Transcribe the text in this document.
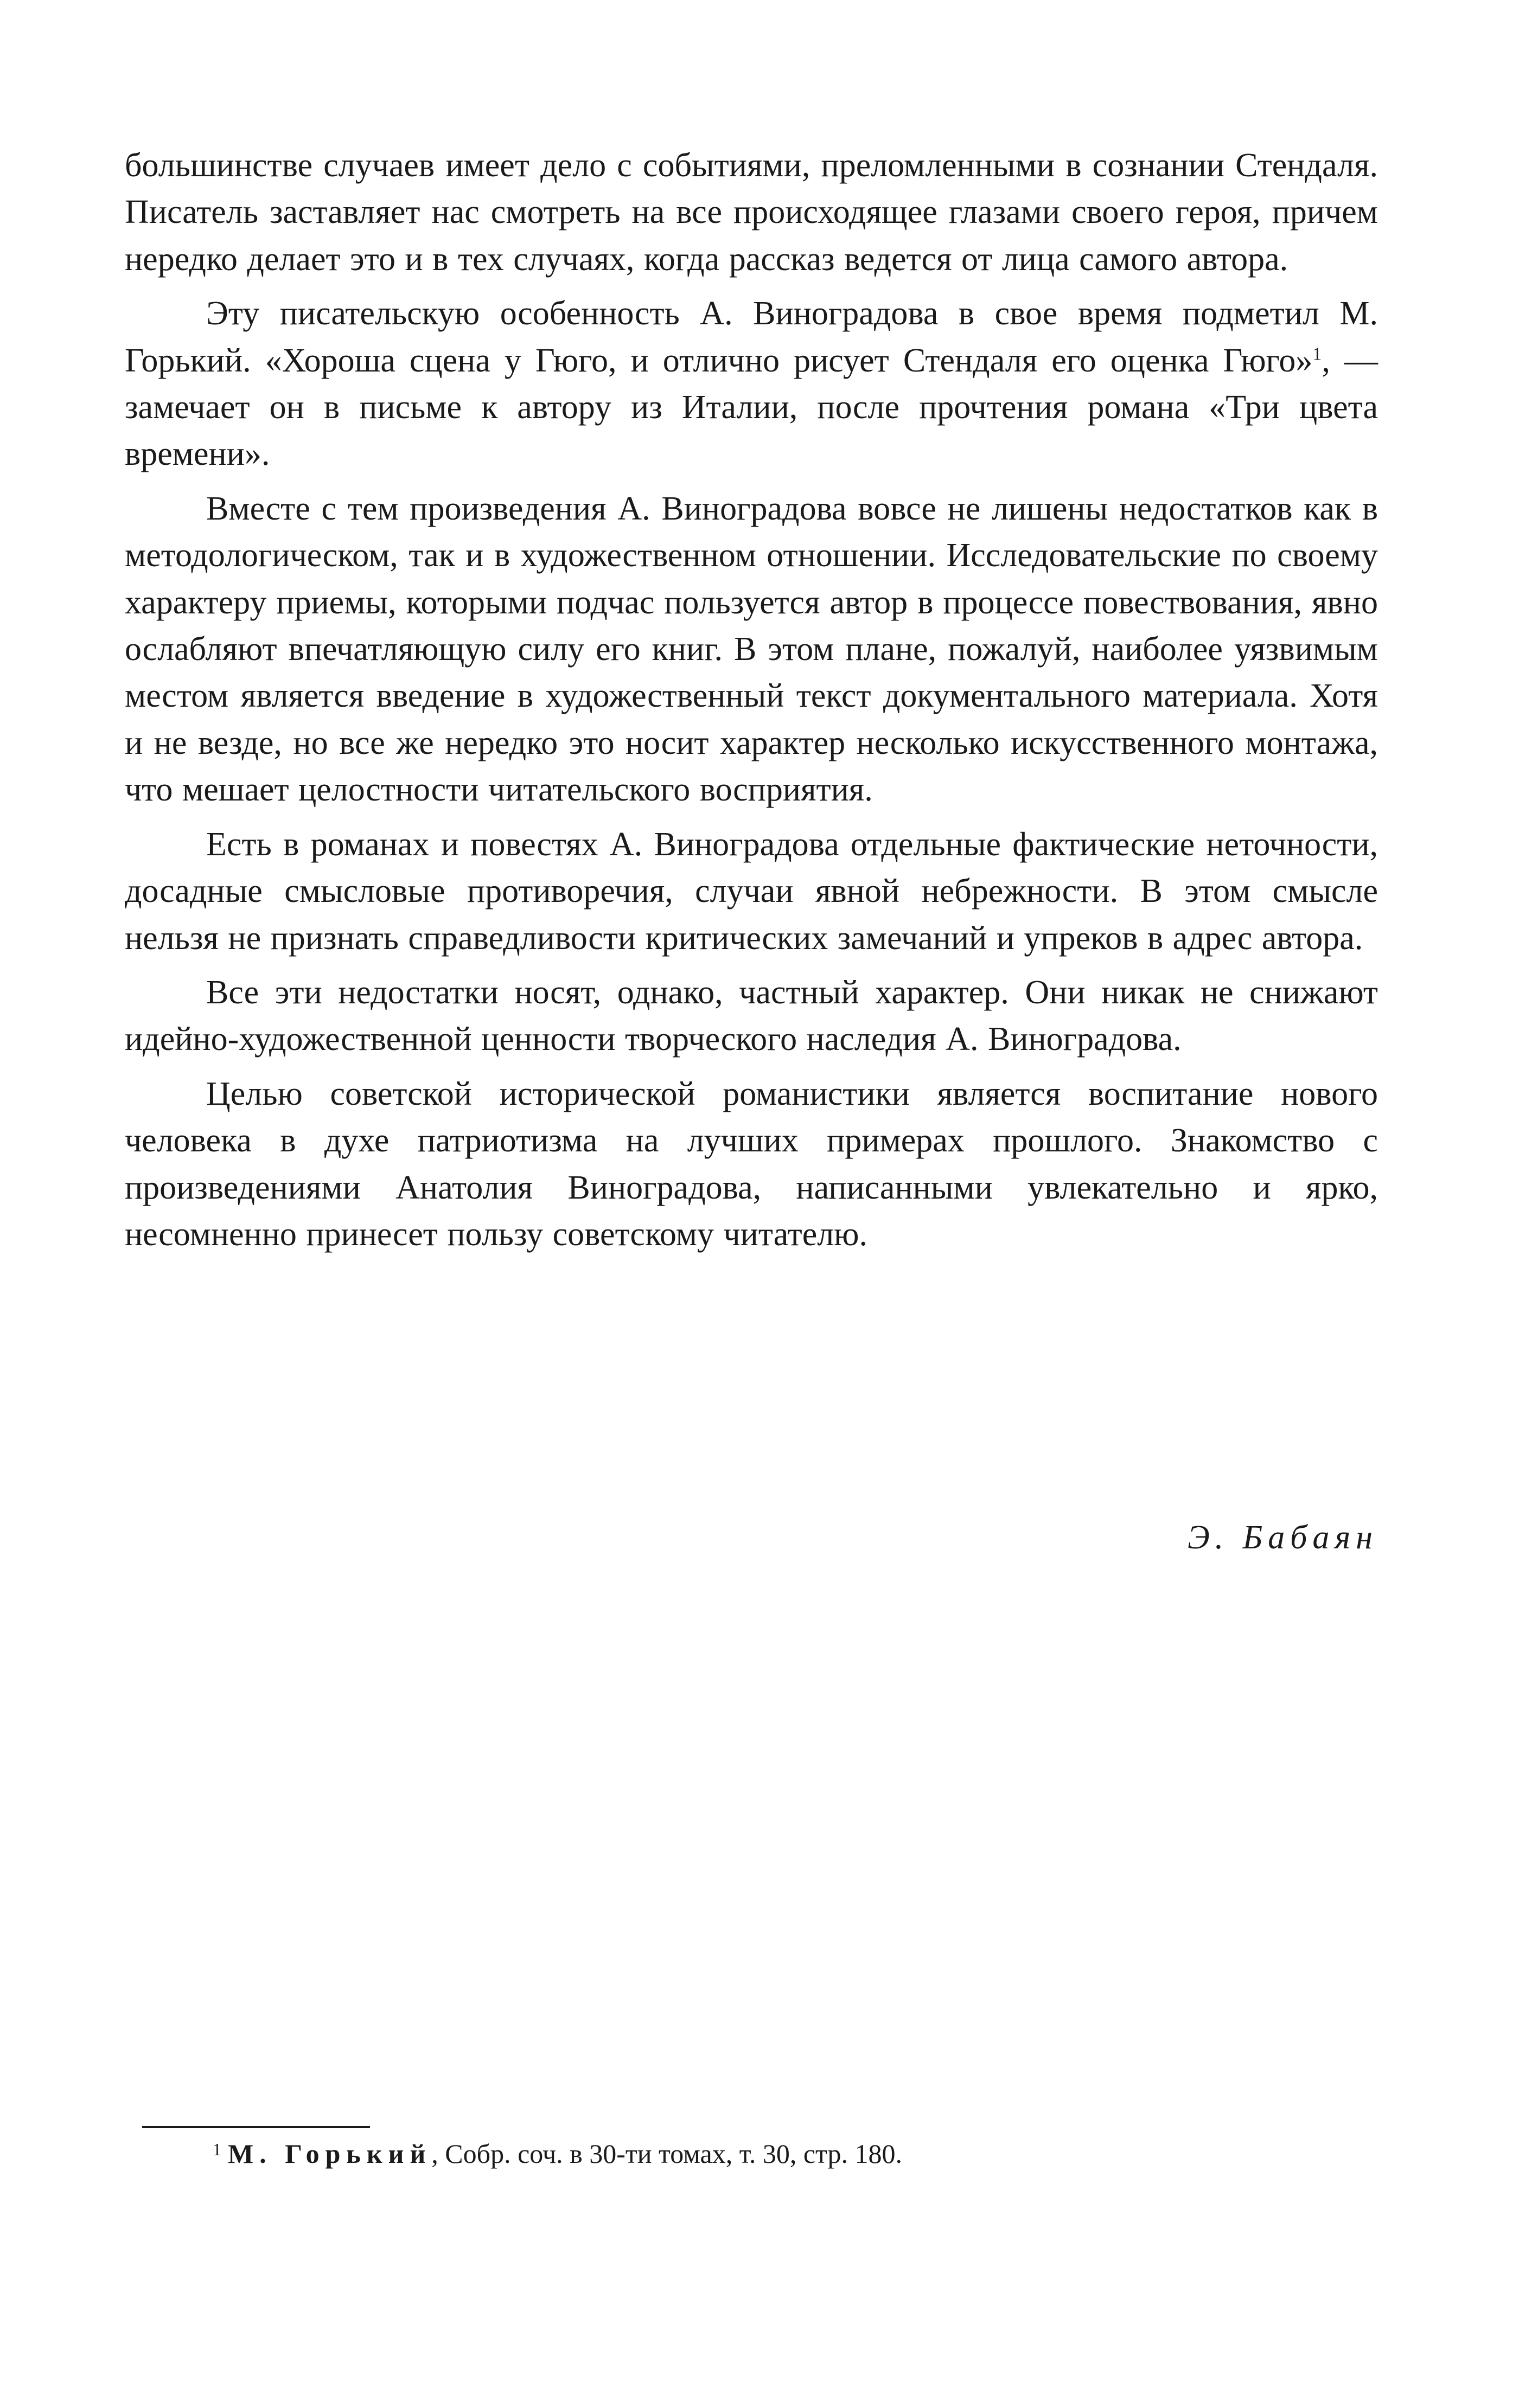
большинстве случаев имеет дело с событиями, преломленными в сознании Стендаля. Писатель заставляет нас смотреть на все происходящее глазами своего героя, причем нередко делает это и в тех случаях, когда рассказ ведется от лица самого автора.

Эту писательскую особенность А. Виноградова в свое время подметил М. Горький. «Хороша сцена у Гюго, и отлично рисует Стендаля его оценка Гюго»$^1$, — замечает он в письме к автору из Италии, после прочтения романа «Три цвета времени».

Вместе с тем произведения А. Виноградова вовсе не лишены недостатков как в методологическом, так и в художественном отношении. Исследовательские по своему характеру приемы, которыми подчас пользуется автор в процессе повествования, явно ослабляют впечатляющую силу его книг. В этом плане, пожалуй, наиболее уязвимым местом является введение в художественный текст документального материала. Хотя и не везде, но все же нередко это носит характер несколько искусственного монтажа, что мешает целостности читательского восприятия.

Есть в романах и повестях А. Виноградова отдельные фактические неточности, досадные смысловые противоречия, случаи явной небрежности. В этом смысле нельзя не признать справедливости критических замечаний и упреков в адрес автора.

Все эти недостатки носят, однако, частный характер. Они никак не снижают идейно-художественной ценности творческого наследия А. Виноградова.

Целью советской исторической романистики является воспитание нового человека в духе патриотизма на лучших примерах прошлого. Знакомство с произведениями Анатолия Виноградова, написанными увлекательно и ярко, несомненно принесет пользу советскому читателю.

Э. Бабаян
$^1$ М. Горький, Собр. соч. в 30-ти томах, т. 30, стр. 180.
